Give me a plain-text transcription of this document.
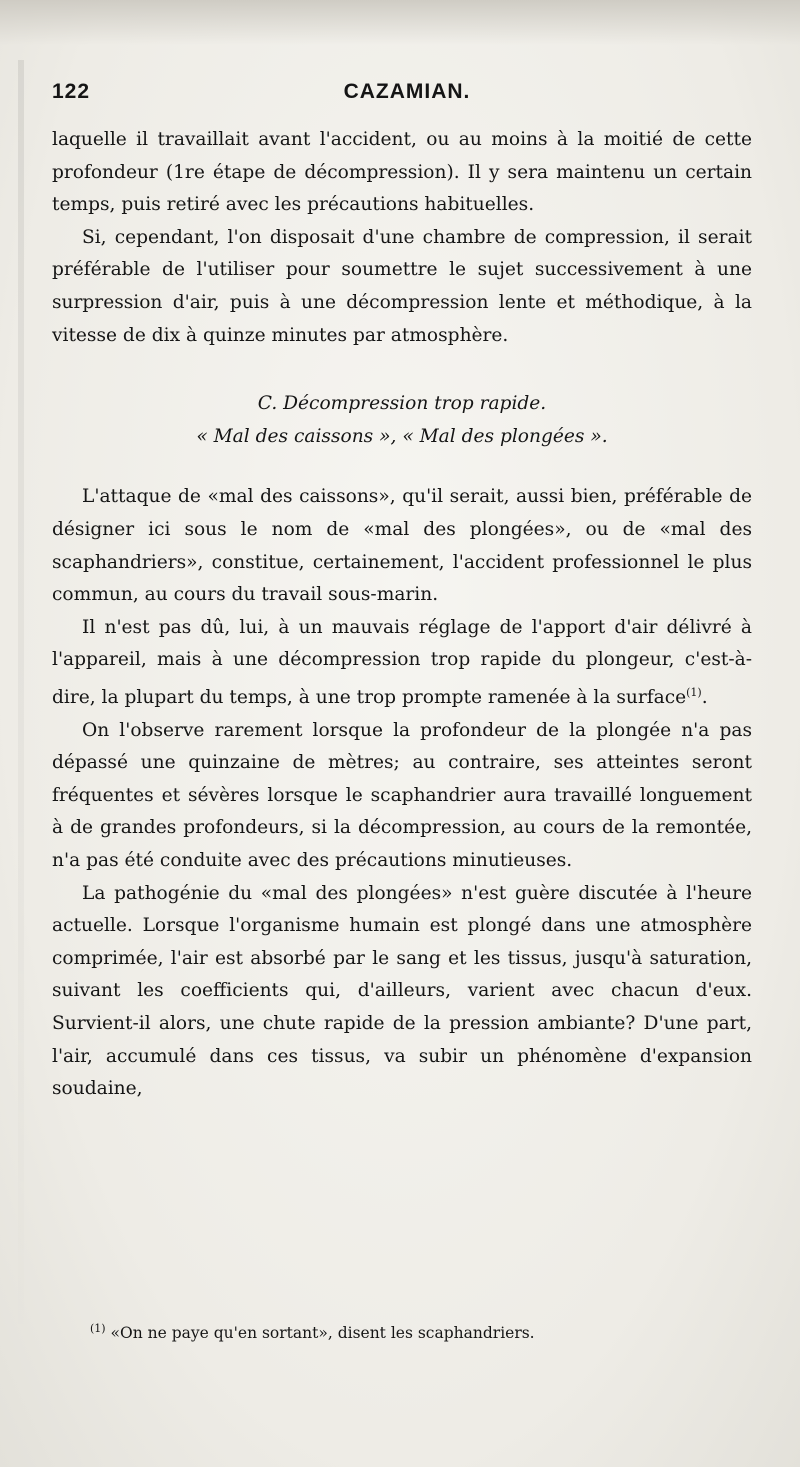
122	CAZAMIAN.

laquelle il travaillait avant l'accident, ou au moins à la moitié de cette profondeur (1re étape de décompression). Il y sera maintenu un certain temps, puis retiré avec les précautions habituelles.

Si, cependant, l'on disposait d'une chambre de compression, il serait préférable de l'utiliser pour soumettre le sujet successivement à une surpression d'air, puis à une décompression lente et méthodique, à la vitesse de dix à quinze minutes par atmosphère.

C. Décompression trop rapide.

« Mal des caissons », « Mal des plongées ».

L'attaque de «mal des caissons», qu'il serait, aussi bien, préférable de désigner ici sous le nom de «mal des plongées», ou de «mal des scaphandriers», constitue, certainement, l'accident professionnel le plus commun, au cours du travail sous-marin.

Il n'est pas dû, lui, à un mauvais réglage de l'apport d'air délivré à l'appareil, mais à une décompression trop rapide du plongeur, c'est-à-dire, la plupart du temps, à une trop prompte ramenée à la surface$^{(1)}$.

On l'observe rarement lorsque la profondeur de la plongée n'a pas dépassé une quinzaine de mètres; au contraire, ses atteintes seront fréquentes et sévères lorsque le scaphandrier aura travaillé longuement à de grandes profondeurs, si la décompression, au cours de la remontée, n'a pas été conduite avec des précautions minutieuses.

La pathogénie du «mal des plongées» n'est guère discutée à l'heure actuelle. Lorsque l'organisme humain est plongé dans une atmosphère comprimée, l'air est absorbé par le sang et les tissus, jusqu'à saturation, suivant les coefficients qui, d'ailleurs, varient avec chacun d'eux. Survient-il alors, une chute rapide de la pression ambiante? D'une part, l'air, accumulé dans ces tissus, va subir un phénomène d'expansion soudaine,

$^{(1)}$ «On ne paye qu'en sortant», disent les scaphandriers.
